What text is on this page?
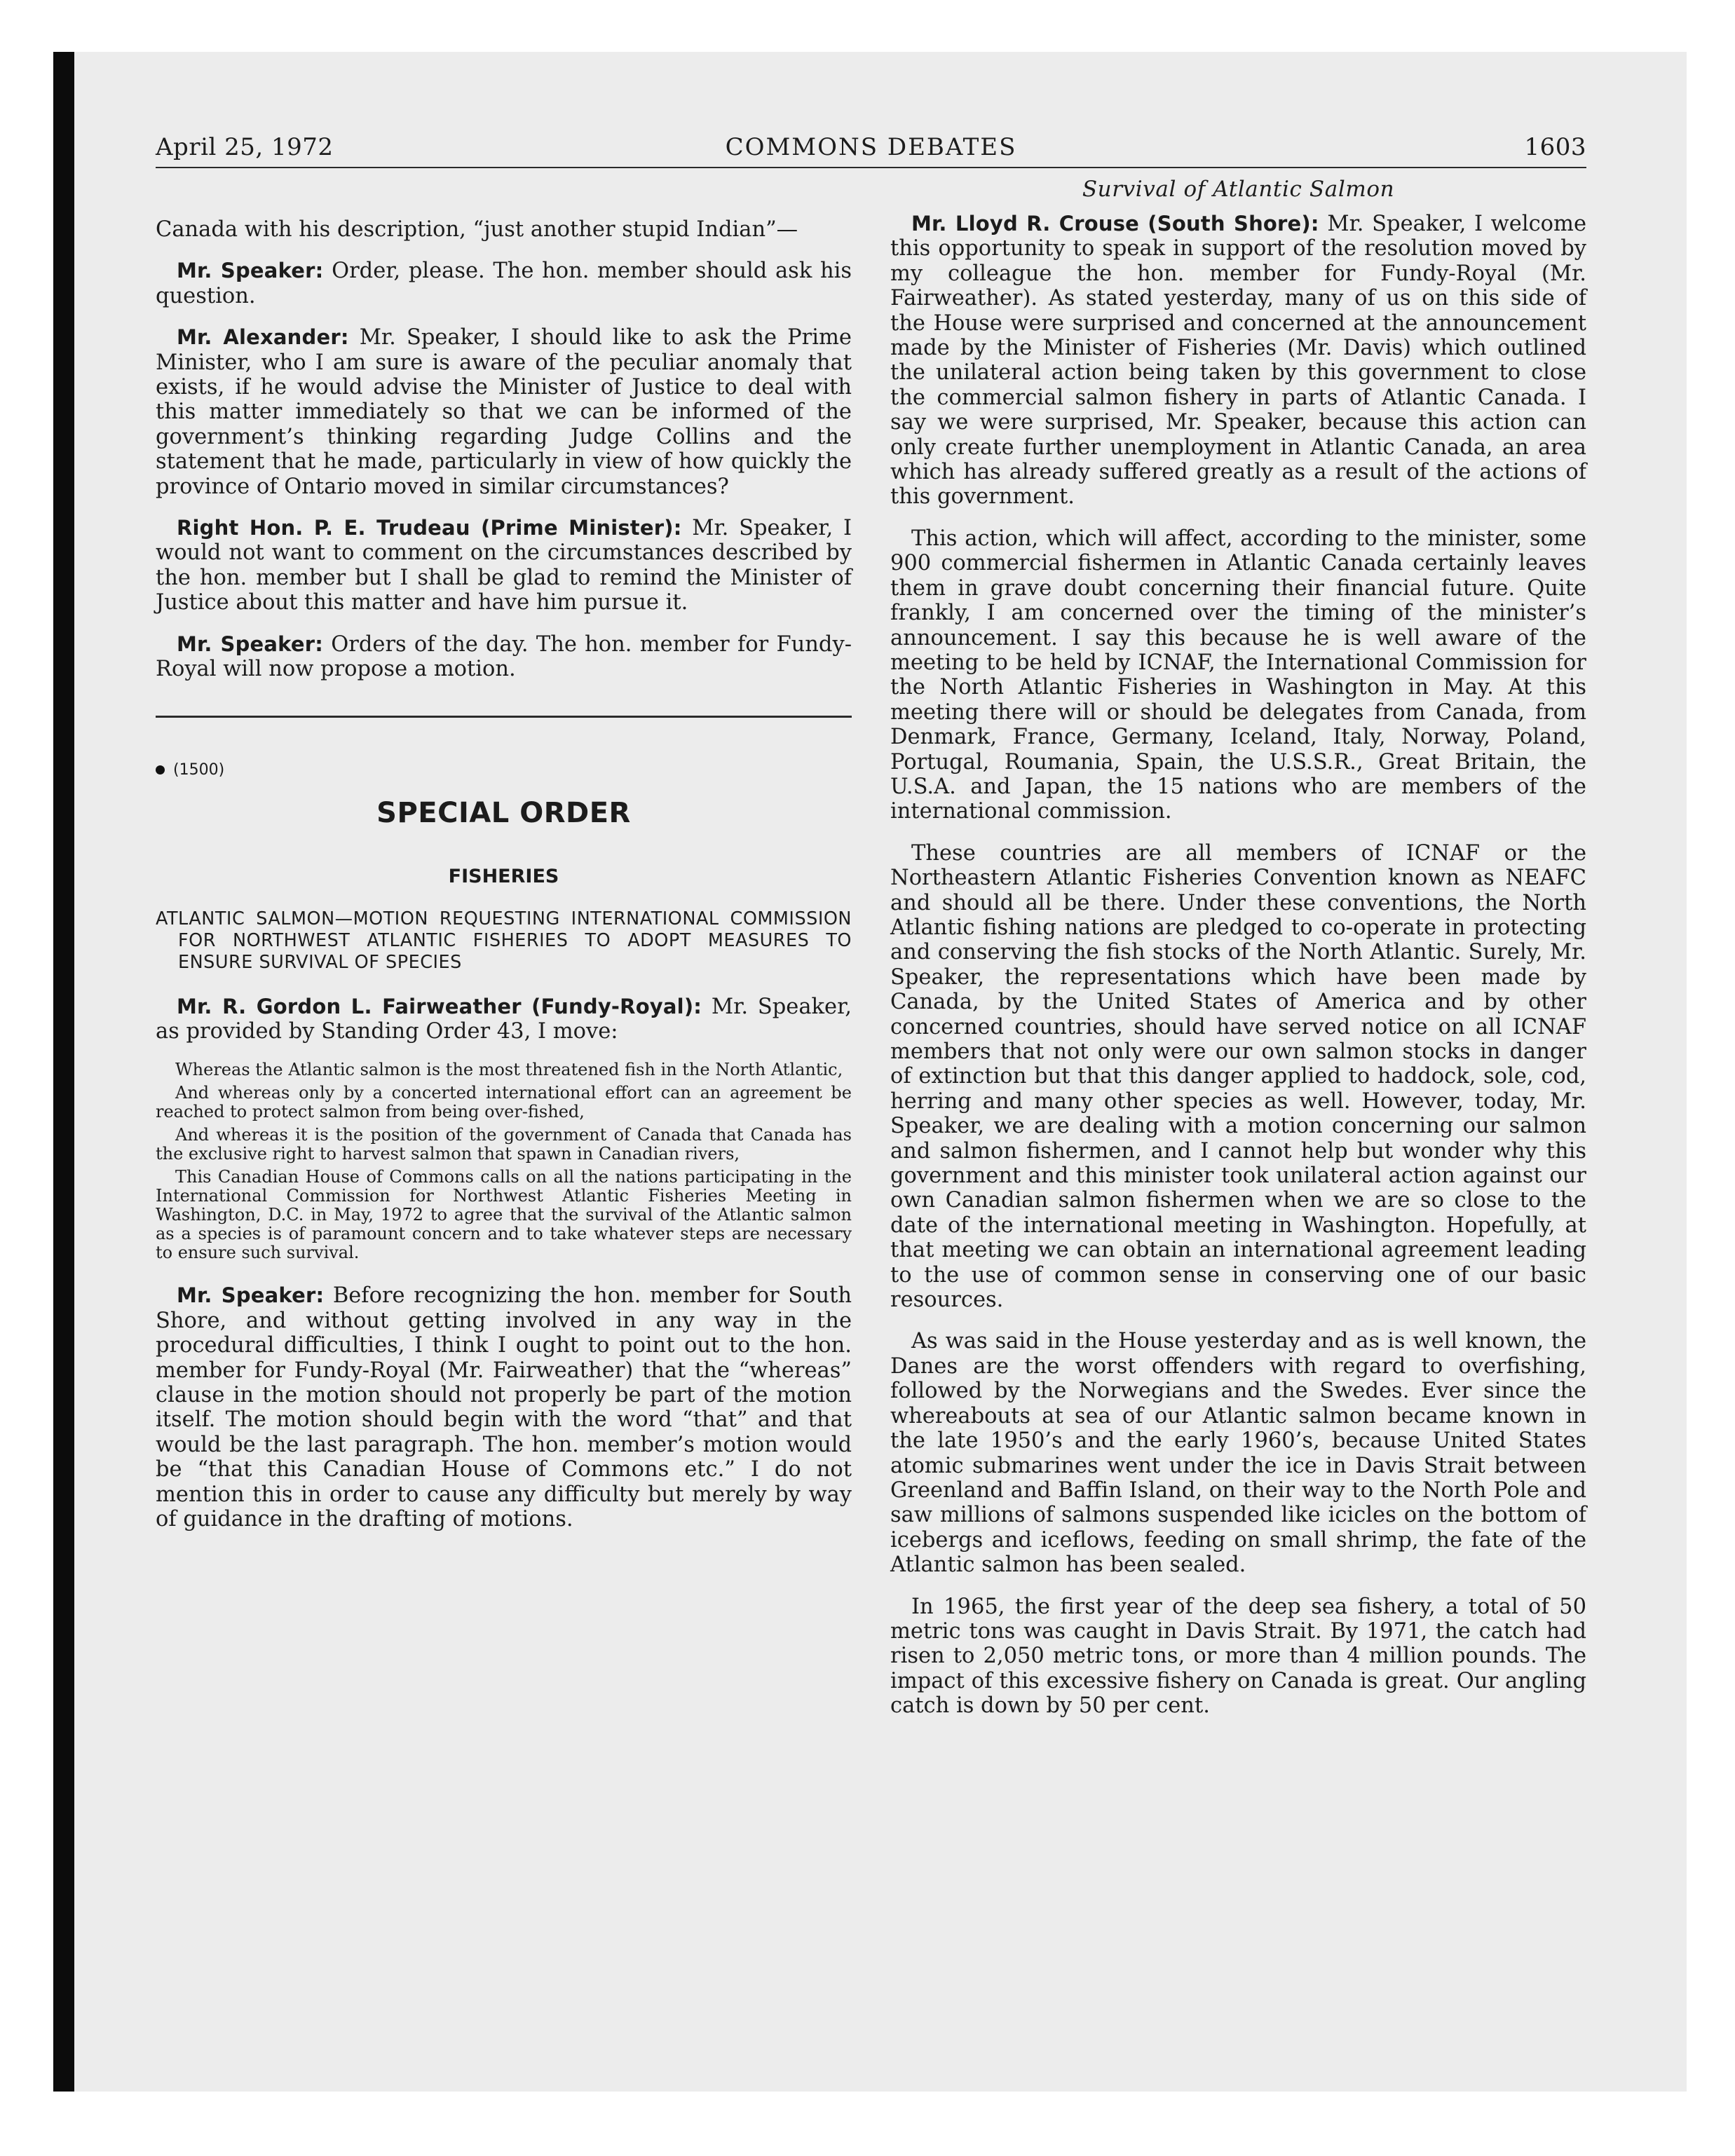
April 25, 1972	COMMONS DEBATES	1603

Canada with his description, “just another stupid Indian”—

Mr. Speaker: Order, please. The hon. member should ask his question.

Mr. Alexander: Mr. Speaker, I should like to ask the Prime Minister, who I am sure is aware of the peculiar anomaly that exists, if he would advise the Minister of Justice to deal with this matter immediately so that we can be informed of the government’s thinking regarding Judge Collins and the statement that he made, particularly in view of how quickly the province of Ontario moved in similar circumstances?

Right Hon. P. E. Trudeau (Prime Minister): Mr. Speaker, I would not want to comment on the circumstances described by the hon. member but I shall be glad to remind the Minister of Justice about this matter and have him pursue it.

Mr. Speaker: Orders of the day. The hon. member for Fundy-Royal will now propose a motion.

(1500)
SPECIAL ORDER
FISHERIES
ATLANTIC SALMON—MOTION REQUESTING INTERNATIONAL COMMISSION FOR NORTHWEST ATLANTIC FISHERIES TO ADOPT MEASURES TO ENSURE SURVIVAL OF SPECIES

Mr. R. Gordon L. Fairweather (Fundy-Royal): Mr. Speaker, as provided by Standing Order 43, I move:

Whereas the Atlantic salmon is the most threatened fish in the North Atlantic,

And whereas only by a concerted international effort can an agreement be reached to protect salmon from being over-fished,

And whereas it is the position of the government of Canada that Canada has the exclusive right to harvest salmon that spawn in Canadian rivers,

This Canadian House of Commons calls on all the nations participating in the International Commission for Northwest Atlantic Fisheries Meeting in Washington, D.C. in May, 1972 to agree that the survival of the Atlantic salmon as a species is of paramount concern and to take whatever steps are necessary to ensure such survival.

Mr. Speaker: Before recognizing the hon. member for South Shore, and without getting involved in any way in the procedural difficulties, I think I ought to point out to the hon. member for Fundy-Royal (Mr. Fairweather) that the “whereas” clause in the motion should not properly be part of the motion itself. The motion should begin with the word “that” and that would be the last paragraph. The hon. member’s motion would be “that this Canadian House of Commons etc.” I do not mention this in order to cause any difficulty but merely by way of guidance in the drafting of motions.

Survival of Atlantic Salmon

Mr. Lloyd R. Crouse (South Shore): Mr. Speaker, I welcome this opportunity to speak in support of the resolution moved by my colleague the hon. member for Fundy-Royal (Mr. Fairweather). As stated yesterday, many of us on this side of the House were surprised and concerned at the announcement made by the Minister of Fisheries (Mr. Davis) which outlined the unilateral action being taken by this government to close the commercial salmon fishery in parts of Atlantic Canada. I say we were surprised, Mr. Speaker, because this action can only create further unemployment in Atlantic Canada, an area which has already suffered greatly as a result of the actions of this government.

This action, which will affect, according to the minister, some 900 commercial fishermen in Atlantic Canada certainly leaves them in grave doubt concerning their financial future. Quite frankly, I am concerned over the timing of the minister’s announcement. I say this because he is well aware of the meeting to be held by ICNAF, the International Commission for the North Atlantic Fisheries in Washington in May. At this meeting there will or should be delegates from Canada, from Denmark, France, Germany, Iceland, Italy, Norway, Poland, Portugal, Roumania, Spain, the U.S.S.R., Great Britain, the U.S.A. and Japan, the 15 nations who are members of the international commission.

These countries are all members of ICNAF or the Northeastern Atlantic Fisheries Convention known as NEAFC and should all be there. Under these conventions, the North Atlantic fishing nations are pledged to co-operate in protecting and conserving the fish stocks of the North Atlantic. Surely, Mr. Speaker, the representations which have been made by Canada, by the United States of America and by other concerned countries, should have served notice on all ICNAF members that not only were our own salmon stocks in danger of extinction but that this danger applied to haddock, sole, cod, herring and many other species as well. However, today, Mr. Speaker, we are dealing with a motion concerning our salmon and salmon fishermen, and I cannot help but wonder why this government and this minister took unilateral action against our own Canadian salmon fishermen when we are so close to the date of the international meeting in Washington. Hopefully, at that meeting we can obtain an international agreement leading to the use of common sense in conserving one of our basic resources.

As was said in the House yesterday and as is well known, the Danes are the worst offenders with regard to overfishing, followed by the Norwegians and the Swedes. Ever since the whereabouts at sea of our Atlantic salmon became known in the late 1950’s and the early 1960’s, because United States atomic submarines went under the ice in Davis Strait between Greenland and Baffin Island, on their way to the North Pole and saw millions of salmons suspended like icicles on the bottom of icebergs and iceflows, feeding on small shrimp, the fate of the Atlantic salmon has been sealed.

In 1965, the first year of the deep sea fishery, a total of 50 metric tons was caught in Davis Strait. By 1971, the catch had risen to 2,050 metric tons, or more than 4 million pounds. The impact of this excessive fishery on Canada is great. Our angling catch is down by 50 per cent.
